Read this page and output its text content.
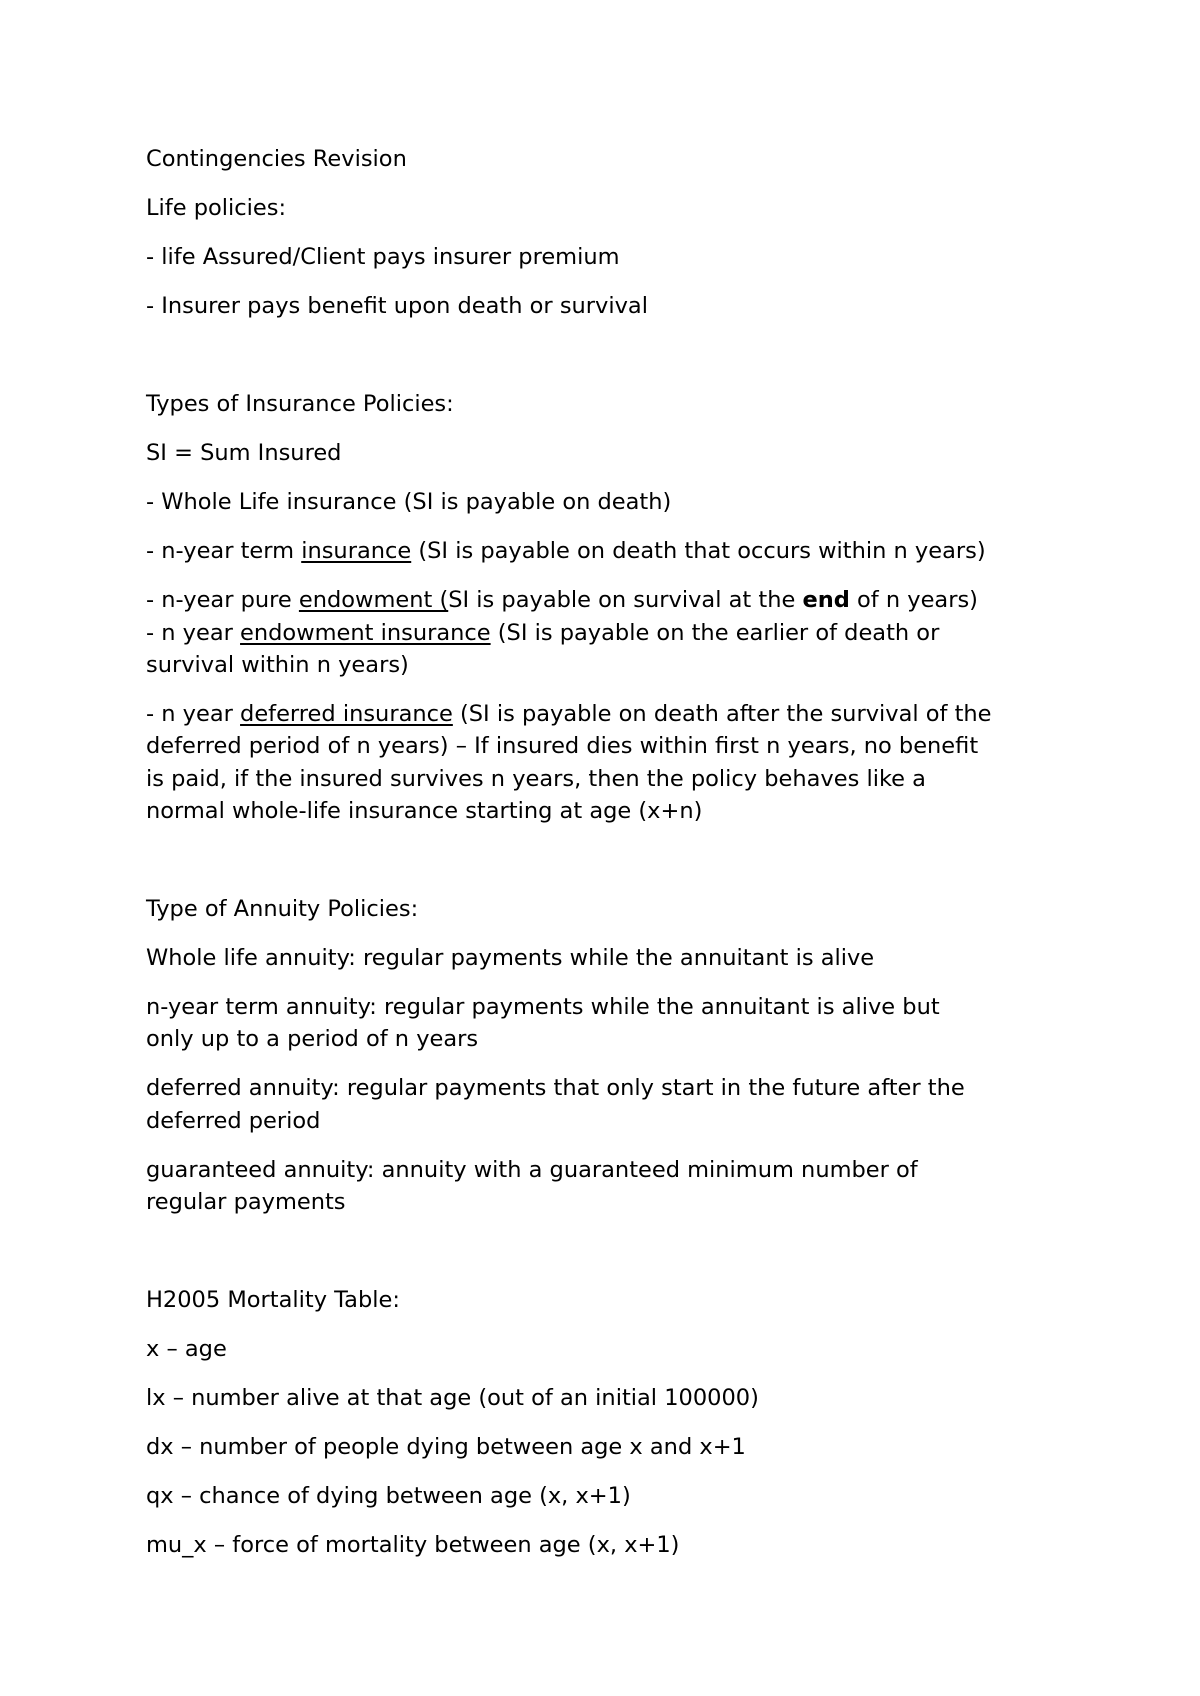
Contingencies Revision
Life policies:
- life Assured/Client pays insurer premium
- Insurer pays benefit upon death or survival
Types of Insurance Policies:
SI = Sum Insured
- Whole Life insurance (SI is payable on death)
- n-year term insurance (SI is payable on death that occurs within n years)
- n-year pure endowment (SI is payable on survival at the end of n years)
- n year endowment insurance (SI is payable on the earlier of death or
survival within n years)
- n year deferred insurance (SI is payable on death after the survival of the
deferred period of n years) – If insured dies within first n years, no benefit
is paid, if the insured survives n years, then the policy behaves like a
normal whole-life insurance starting at age (x+n)
Type of Annuity Policies:
Whole life annuity: regular payments while the annuitant is alive
n-year term annuity: regular payments while the annuitant is alive but
only up to a period of n years
deferred annuity: regular payments that only start in the future after the
deferred period
guaranteed annuity: annuity with a guaranteed minimum number of
regular payments
H2005 Mortality Table:
x – age
lx – number alive at that age (out of an initial 100000)
dx – number of people dying between age x and x+1
qx – chance of dying between age (x, x+1)
mu_x – force of mortality between age (x, x+1)
